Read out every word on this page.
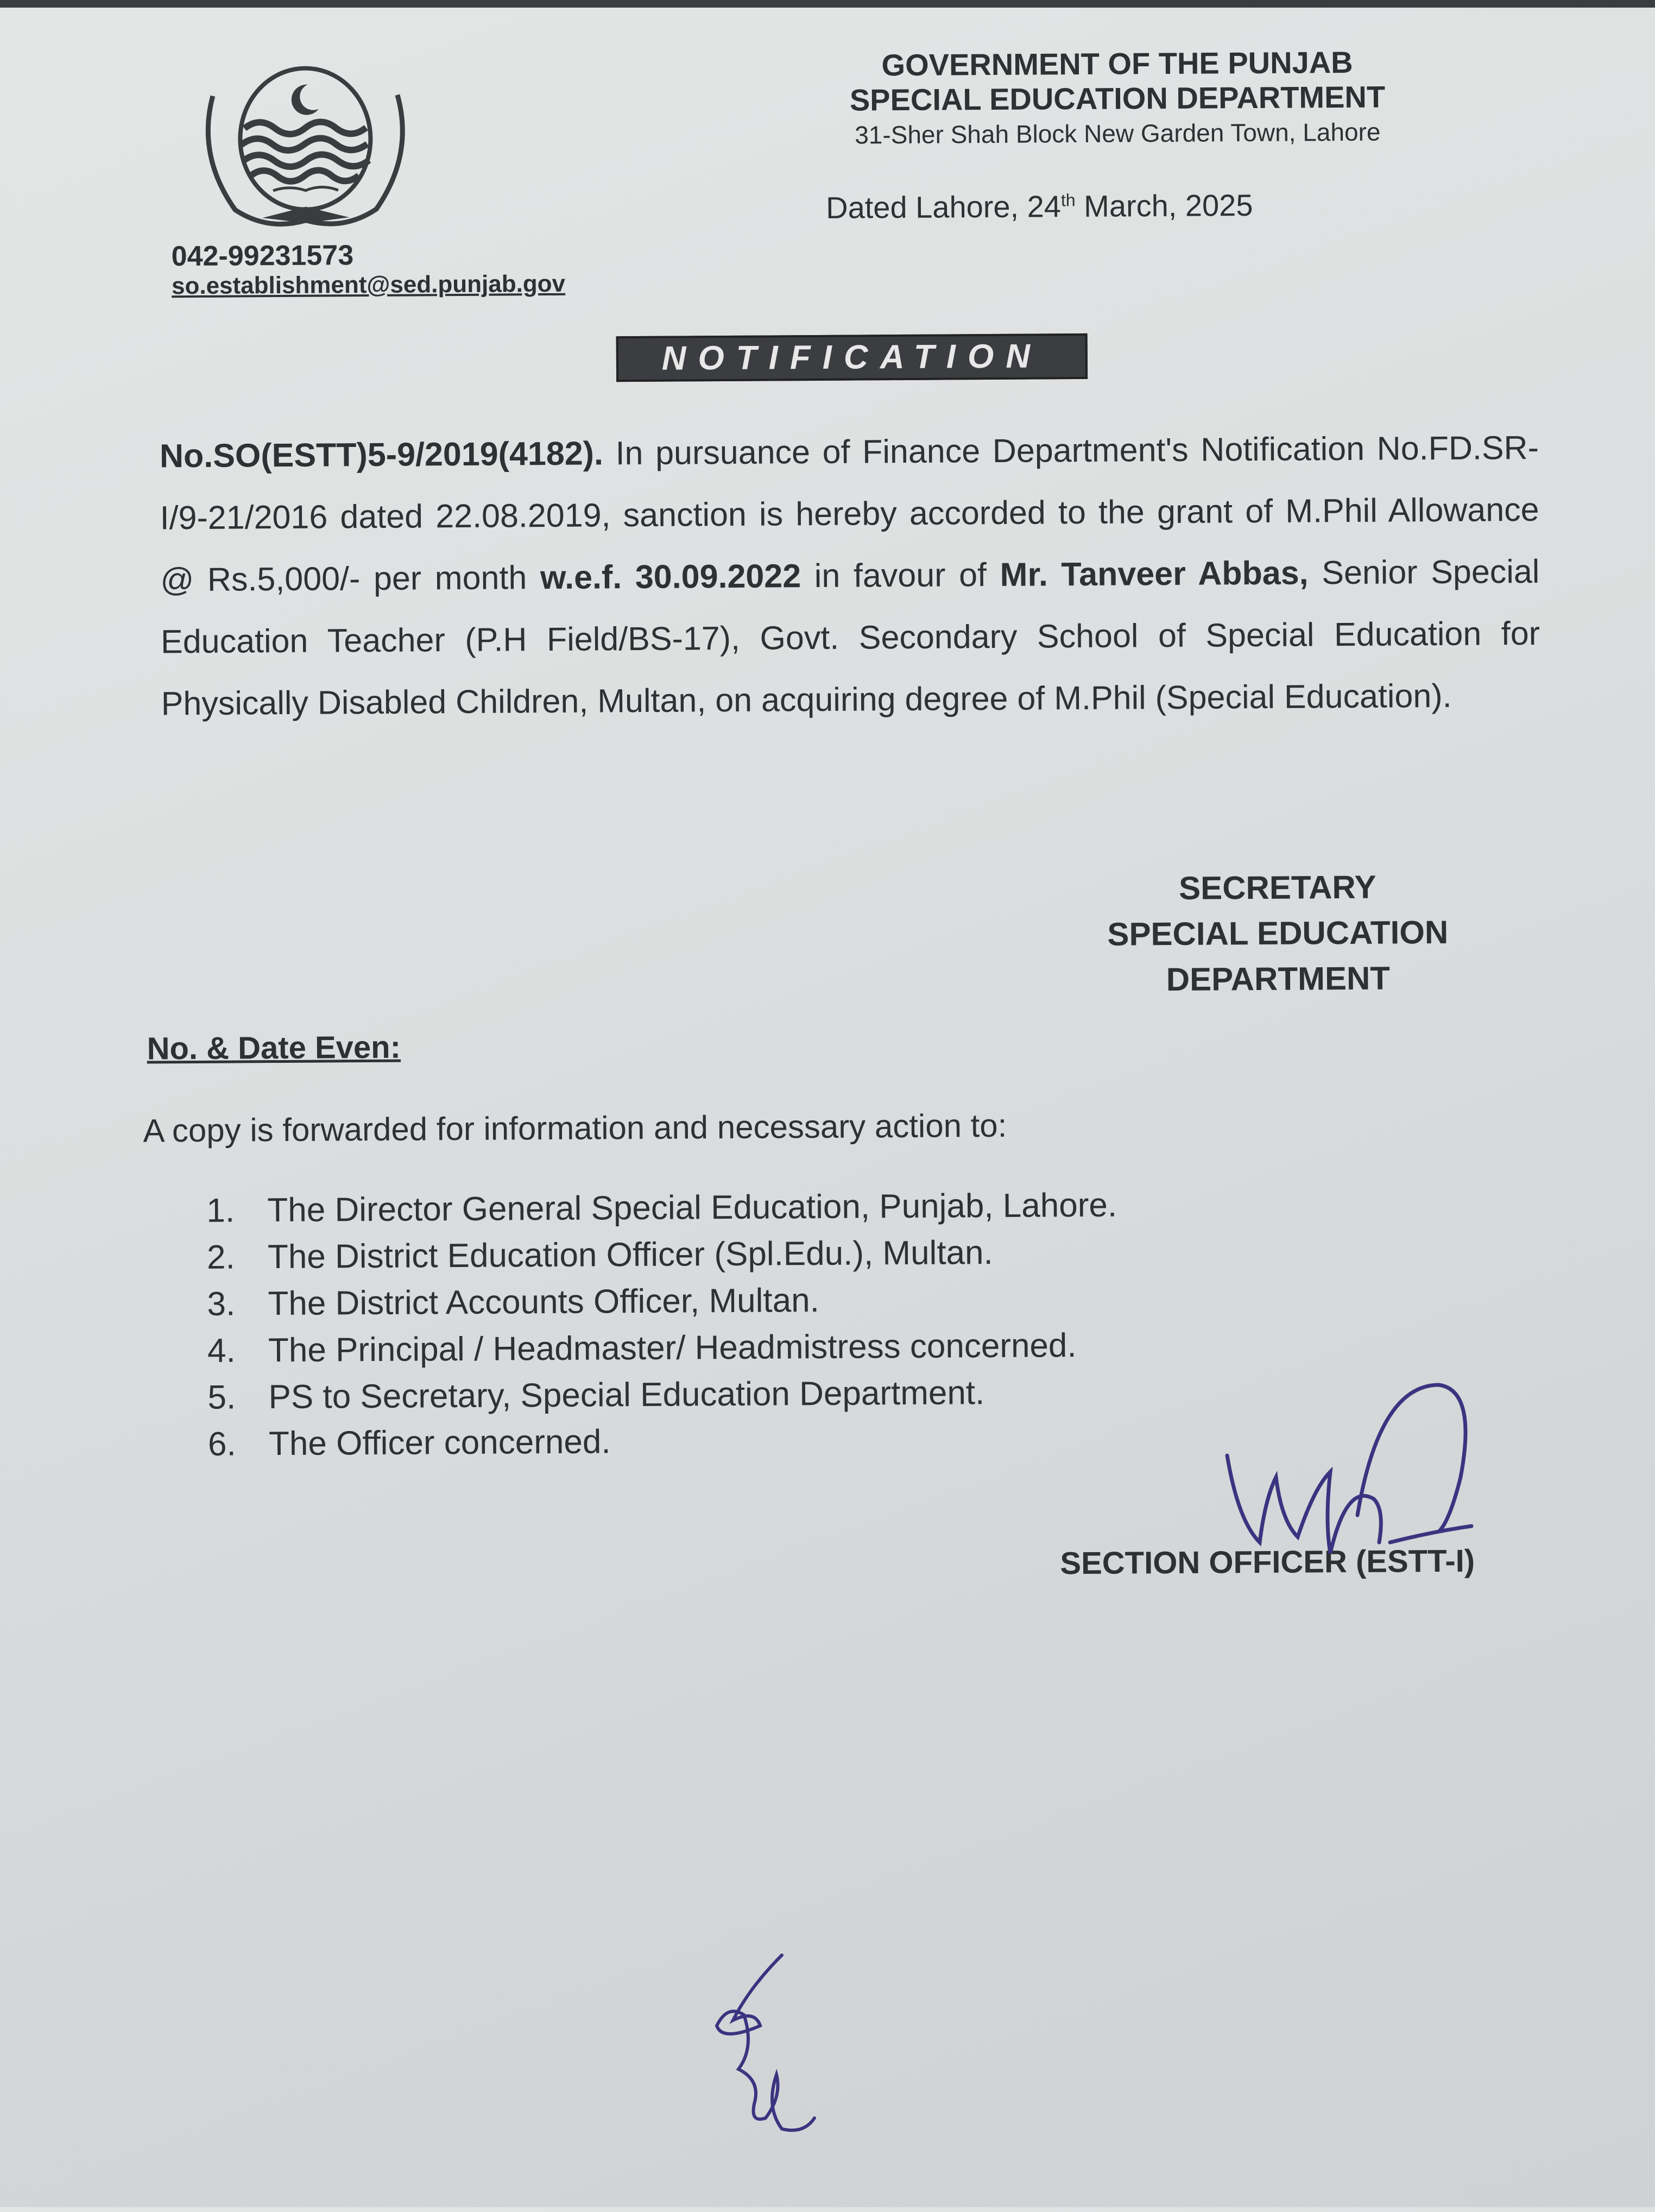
GOVERNMENT OF THE PUNJAB
SPECIAL EDUCATION DEPARTMENT
31-Sher Shah Block New Garden Town, Lahore
Dated Lahore, 24th March, 2025
042-99231573
so.establishment@sed.punjab.gov
NOTIFICATION
No.SO(ESTT)5-9/2019(4182). In pursuance of Finance Department's Notification No.FD.SR-I/9-21/2016 dated 22.08.2019, sanction is hereby accorded to the grant of M.Phil Allowance @ Rs.5,000/- per month w.e.f. 30.09.2022 in favour of Mr. Tanveer Abbas, Senior Special Education Teacher (P.H Field/BS-17), Govt. Secondary School of Special Education for Physically Disabled Children, Multan, on acquiring degree of M.Phil (Special Education).
SECRETARY
SPECIAL EDUCATION
DEPARTMENT
No. & Date Even:
A copy is forwarded for information and necessary action to:
1. The Director General Special Education, Punjab, Lahore.
2. The District Education Officer (Spl.Edu.), Multan.
3. The District Accounts Officer, Multan.
4. The Principal / Headmaster/ Headmistress concerned.
5. PS to Secretary, Special Education Department.
6. The Officer concerned.
SECTION OFFICER (ESTT-I)
